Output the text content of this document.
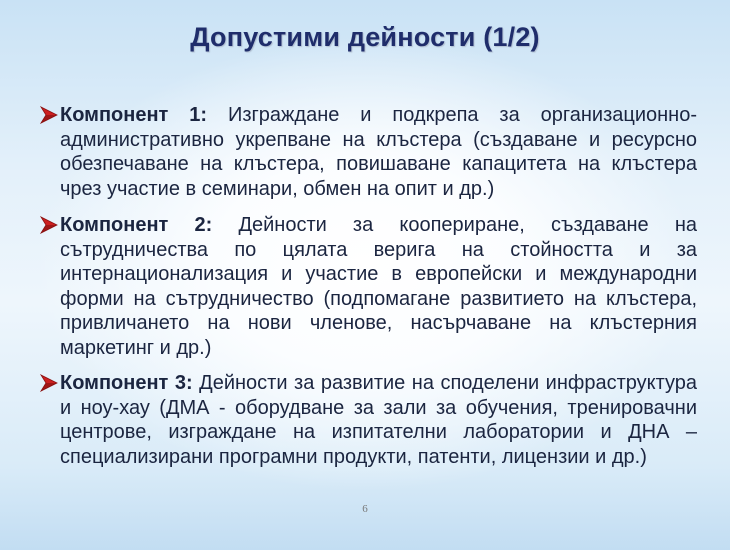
Допустими дейности (1/2)
Компонент 1: Изграждане и подкрепа за организационно-административно укрепване на клъстера (създаване и ресурсно обезпечаване на клъстера, повишаване капацитета на клъстера чрез участие в семинари, обмен на опит и др.)
Компонент 2: Дейности за коопериране, създаване на сътрудничества по цялата верига на стойността и за интернационализация и участие в европейски и международни форми на сътрудничество (подпомагане развитието на клъстера, привличането на нови членове, насърчаване на клъстерния маркетинг и др.)
Компонент 3: Дейности за развитие на споделени инфраструктура и ноу-хау (ДМА - оборудване за зали за обучения, тренировачни центрове, изграждане на изпитателни лаборатории и ДНА – специализирани програмни продукти, патенти, лицензии и др.)
6
